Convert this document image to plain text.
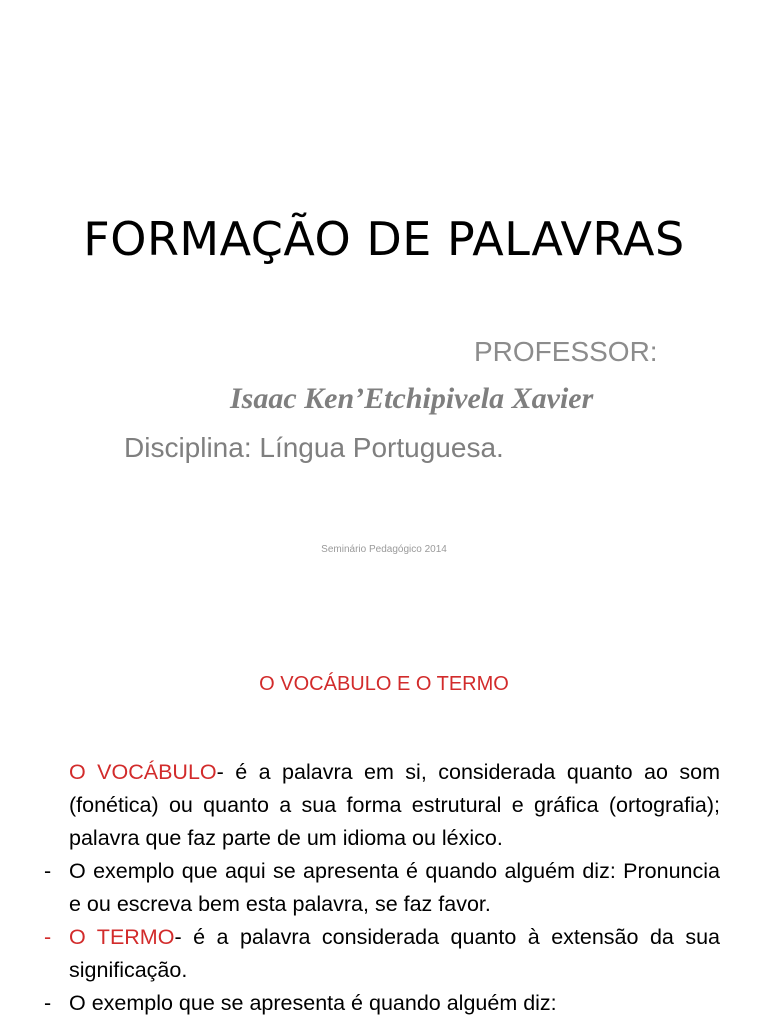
FORMAÇÃO DE PALAVRAS
PROFESSOR:
Isaac Ken’Etchipivela Xavier
Disciplina: Língua Portuguesa.
Seminário Pedagógico 2014
O VOCÁBULO E O TERMO
O VOCÁBULO- é a palavra em si, considerada quanto ao som (fonética) ou quanto a sua forma estrutural e gráfica (ortografia); palavra que faz parte de um idioma ou léxico.
- O exemplo que aqui se apresenta é quando alguém diz: Pronuncia e ou escreva bem esta palavra, se faz favor.
- O TERMO- é a palavra considerada quanto à extensão da sua significação.
- O exemplo que se apresenta é quando alguém diz:
